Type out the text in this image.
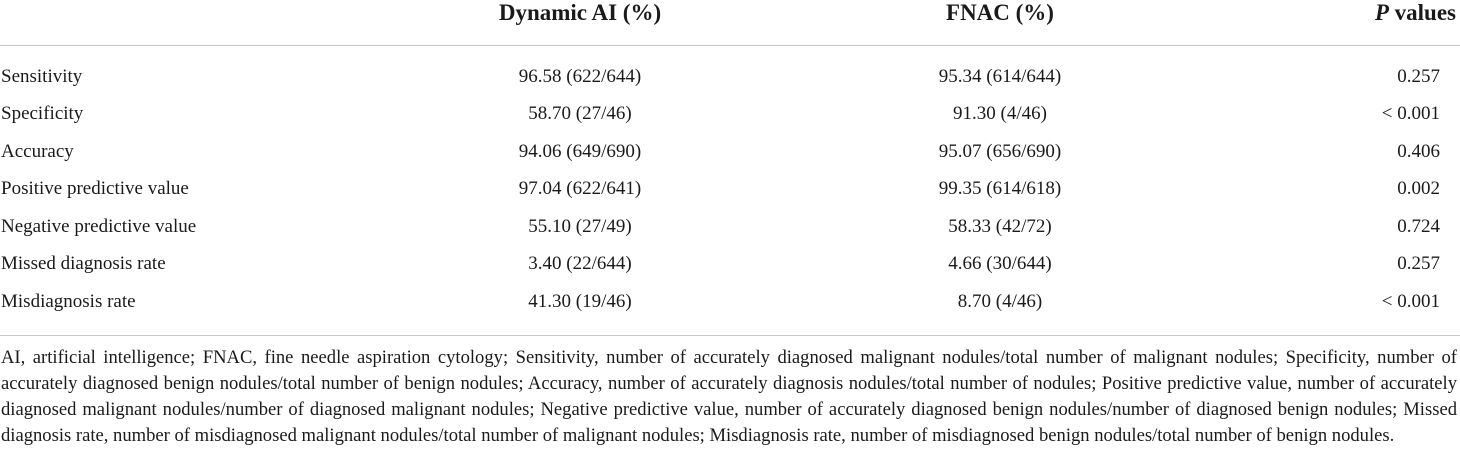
	Dynamic AI (%)	FNAC (%)	P values
Sensitivity	96.58 (622/644)	95.34 (614/644)	0.257
Specificity	58.70 (27/46)	91.30 (4/46)	< 0.001
Accuracy	94.06 (649/690)	95.07 (656/690)	0.406
Positive predictive value	97.04 (622/641)	99.35 (614/618)	0.002
Negative predictive value	55.10 (27/49)	58.33 (42/72)	0.724
Missed diagnosis rate	3.40 (22/644)	4.66 (30/644)	0.257
Misdiagnosis rate	41.30 (19/46)	8.70 (4/46)	< 0.001
AI, artificial intelligence; FNAC, fine needle aspiration cytology; Sensitivity, number of accurately diagnosed malignant nodules/total number of malignant nodules; Specificity, number of accurately diagnosed benign nodules/total number of benign nodules; Accuracy, number of accurately diagnosis nodules/total number of nodules; Positive predictive value, number of accurately diagnosed malignant nodules/number of diagnosed malignant nodules; Negative predictive value, number of accurately diagnosed benign nodules/number of diagnosed benign nodules; Missed diagnosis rate, number of misdiagnosed malignant nodules/total number of malignant nodules; Misdiagnosis rate, number of misdiagnosed benign nodules/total number of benign nodules.
